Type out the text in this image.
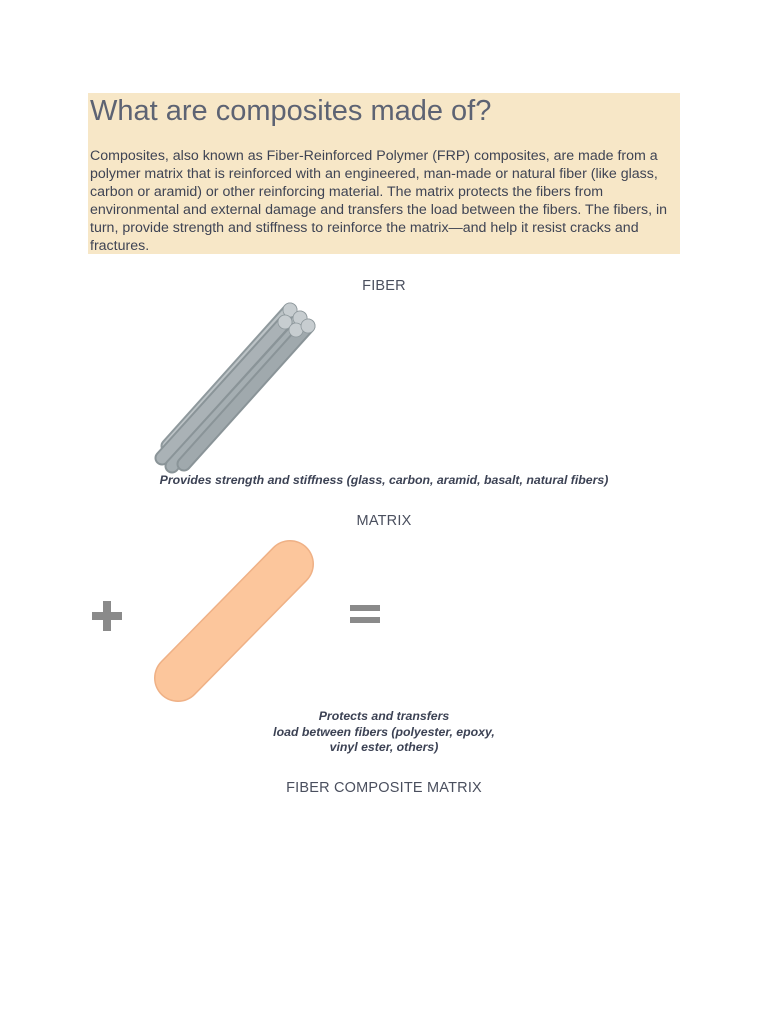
What are composites made of?

Composites, also known as Fiber-Reinforced Polymer (FRP) composites, are made from a polymer matrix that is reinforced with an engineered, man-made or natural fiber (like glass, carbon or aramid) or other reinforcing material. The matrix protects the fibers from environmental and external damage and transfers the load between the fibers. The fibers, in turn, provide strength and stiffness to reinforce the matrix—and help it resist cracks and fractures.

FIBER
Provides strength and stiffness (glass, carbon, aramid, basalt, natural fibers)
MATRIX
Protects and transfers
load between fibers (polyester, epoxy,
vinyl ester, others)
FIBER COMPOSITE MATRIX
